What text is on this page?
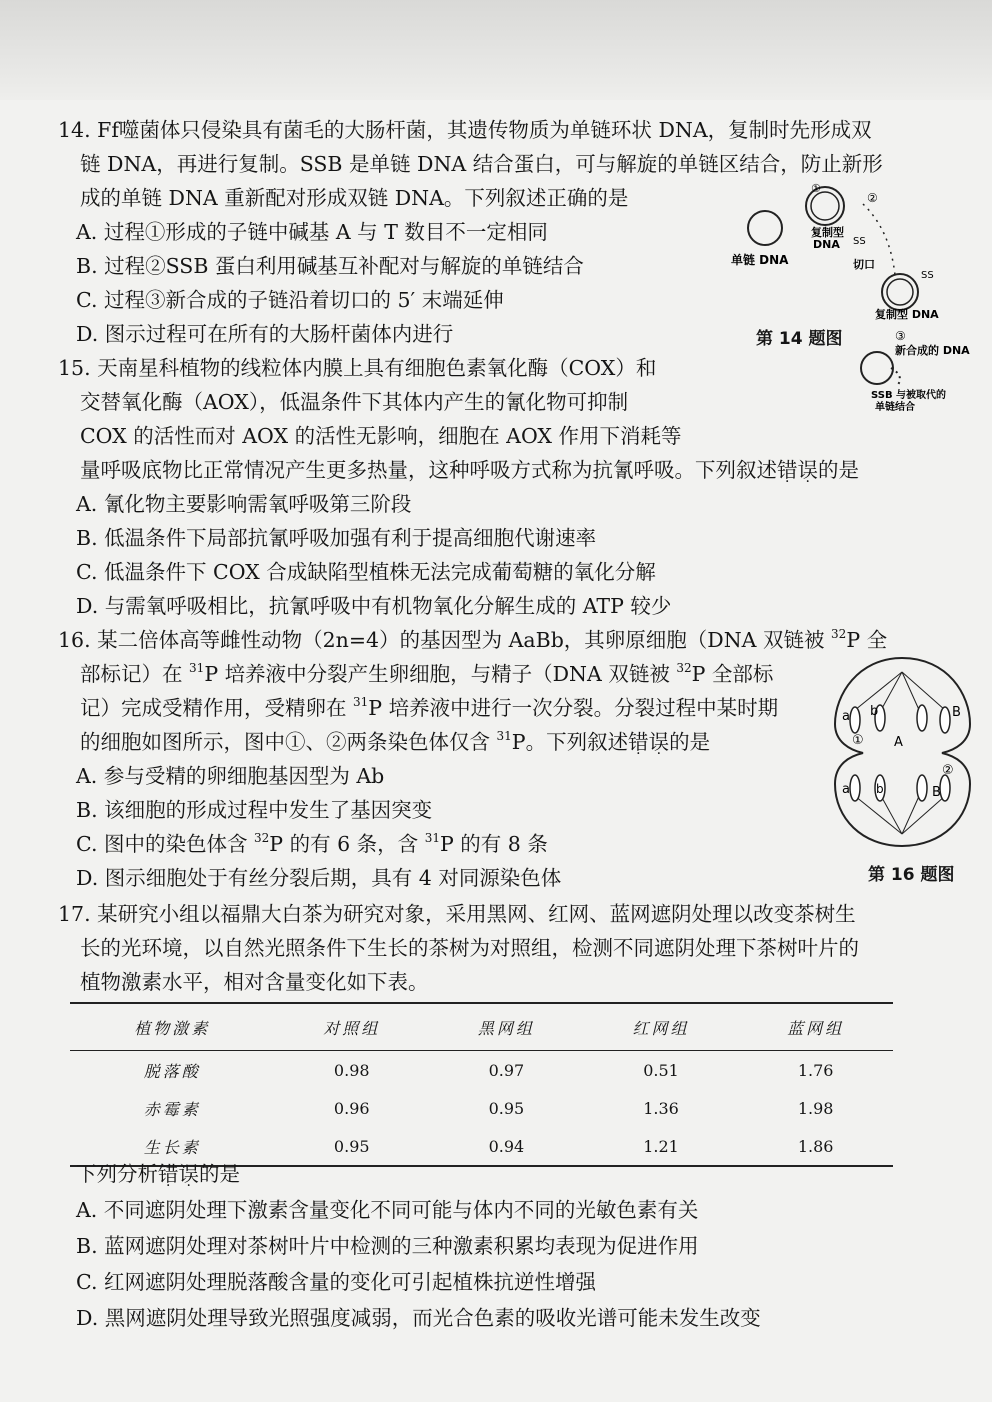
14. Ff噬菌体只侵染具有菌毛的大肠杆菌，其遗传物质为单链环状 DNA，复制时先形成双
链 DNA，再进行复制。SSB 是单链 DNA 结合蛋白，可与解旋的单链区结合，防止新形
成的单链 DNA 重新配对形成双链 DNA。下列叙述正确的是
A. 过程①形成的子链中碱基 A 与 T 数目不一定相同
B. 过程②SSB 蛋白利用碱基互补配对与解旋的单链结合
C. 过程③新合成的子链沿着切口的 5′ 末端延伸
D. 图示过程可在所有的大肠杆菌体内进行
单链 DNA
①
②
复制型
DNA SS
切口
SS
复制型 DNA
③
新合成的 DNA
SSB 与被取代的
单链结合
第 14 题图
15. 天南星科植物的线粒体内膜上具有细胞色素氧化酶（COX）和
交替氧化酶（AOX），低温条件下其体内产生的氰化物可抑制
COX 的活性而对 AOX 的活性无影响，细胞在 AOX 作用下消耗等
量呼吸底物比正常情况产生更多热量，这种呼吸方式称为抗氰呼吸。下列叙述错误的是
A. 氰化物主要影响需氧呼吸第三阶段
B. 低温条件下局部抗氰呼吸加强有利于提高细胞代谢速率
C. 低温条件下 COX 合成缺陷型植株无法完成葡萄糖的氧化分解
D. 与需氧呼吸相比，抗氰呼吸中有机物氧化分解生成的 ATP 较少
16. 某二倍体高等雌性动物（2n=4）的基因型为 AaBb，其卵原细胞（DNA 双链被 $^{32}$P 全
部标记）在 $^{31}$P 培养液中分裂产生卵细胞，与精子（DNA 双链被 $^{32}$P 全部标
记）完成受精作用，受精卵在 $^{31}$P 培养液中进行一次分裂。分裂过程中某时期
的细胞如图所示，图中①、②两条染色体仅含 $^{31}$P。下列叙述错误的是
A. 参与受精的卵细胞基因型为 Ab
B. 该细胞的形成过程中发生了基因突变
C. 图中的染色体含 $^{32}$P 的有 6 条，含 $^{31}$P 的有 8 条
D. 图示细胞处于有丝分裂后期，具有 4 对同源染色体
a b	B
A
①
a b	B
②
第 16 题图
17. 某研究小组以福鼎大白茶为研究对象，采用黑网、红网、蓝网遮阴处理以改变茶树生
长的光环境，以自然光照条件下生长的茶树为对照组，检测不同遮阴处理下茶树叶片的
植物激素水平，相对含量变化如下表。
植物激素	对照组	黑网组	红网组	蓝网组
脱落酸	0.98	0.97	0.51	1.76
赤霉素	0.96	0.95	1.36	1.98
生长素	0.95	0.94	1.21	1.86
下列分析错误的是
A. 不同遮阴处理下激素含量变化不同可能与体内不同的光敏色素有关
B. 蓝网遮阴处理对茶树叶片中检测的三种激素积累均表现为促进作用
C. 红网遮阴处理脱落酸含量的变化可引起植株抗逆性增强
D. 黑网遮阴处理导致光照强度减弱，而光合色素的吸收光谱可能未发生改变
